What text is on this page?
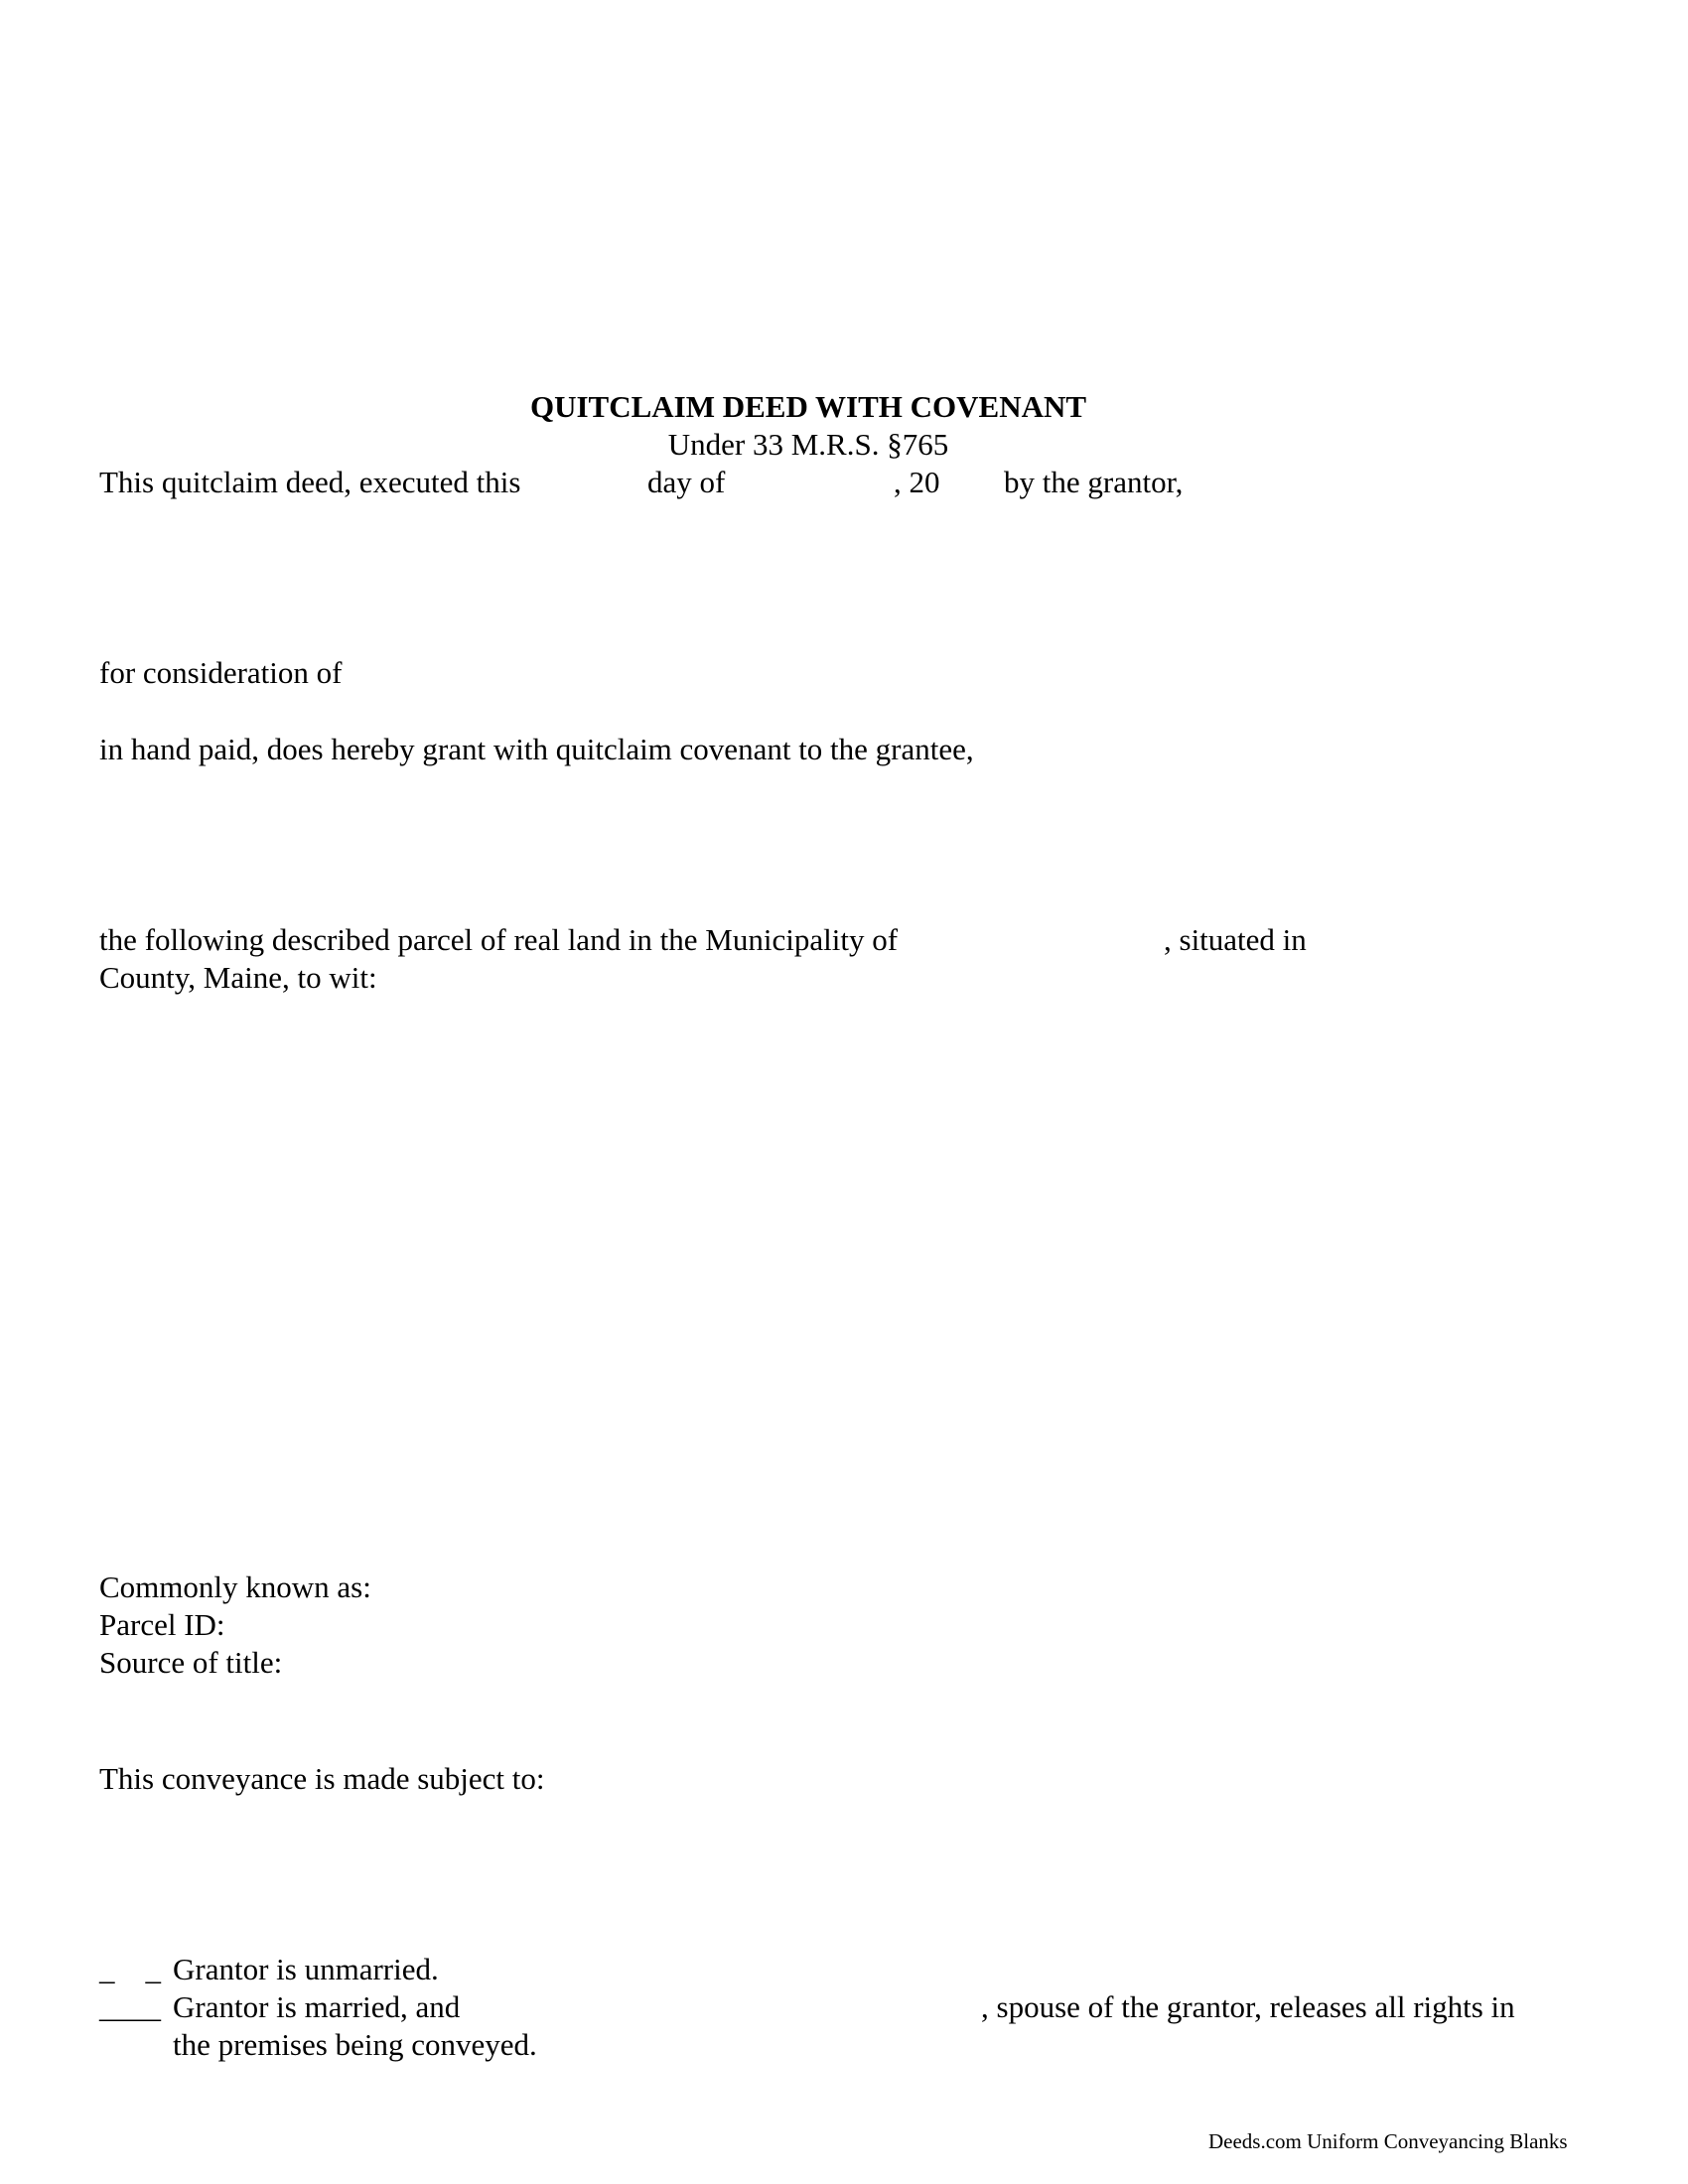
QUITCLAIM DEED WITH COVENANT
Under 33 M.R.S. §765
This quitclaim deed, executed this	day of	, 20 by the grantor,
for consideration of
in hand paid, does hereby grant with quitclaim covenant to the grantee,
the following described parcel of real land in the Municipality of	, situated in
County, Maine, to wit:
Commonly known as:
Parcel ID:
Source of title:
This conveyance is made subject to:
_    _ Grantor is unmarried.
____ Grantor is married, and	, spouse of the grantor, releases all rights in
the premises being conveyed.
Deeds.com Uniform Conveyancing Blanks
